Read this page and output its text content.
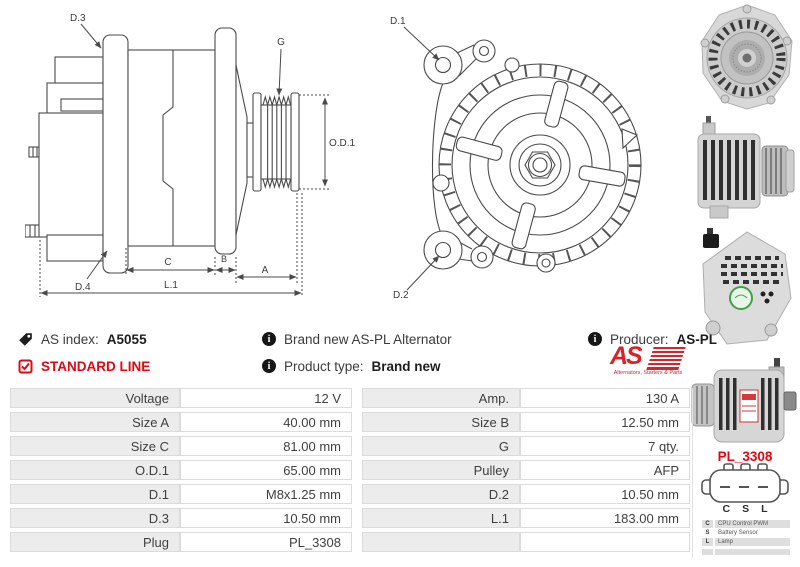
D.3
G
O.D.1
D.4
C	B
A
L.1
D.1
D.2
AS index: A5055
STANDARD LINE
i	Brand new AS-PL Alternator
i	Product type: Brand new
i	Producer: AS-PL
AS
Alternators, Starters & Parts
Voltage	12 V	Amp.	130 A
Size A	40.00 mm	Size B	12.50 mm
Size C	81.00 mm	G	7 qty.
O.D.1	65.00 mm	Pulley	AFP
D.1	M8x1.25 mm	D.2	10.50 mm
D.3	10.50 mm	L.1	183.00 mm
Plug	PL_3308
PL_3308
C S L
C	CPU Control PWM
S	Battery Sensor
L	Lamp
